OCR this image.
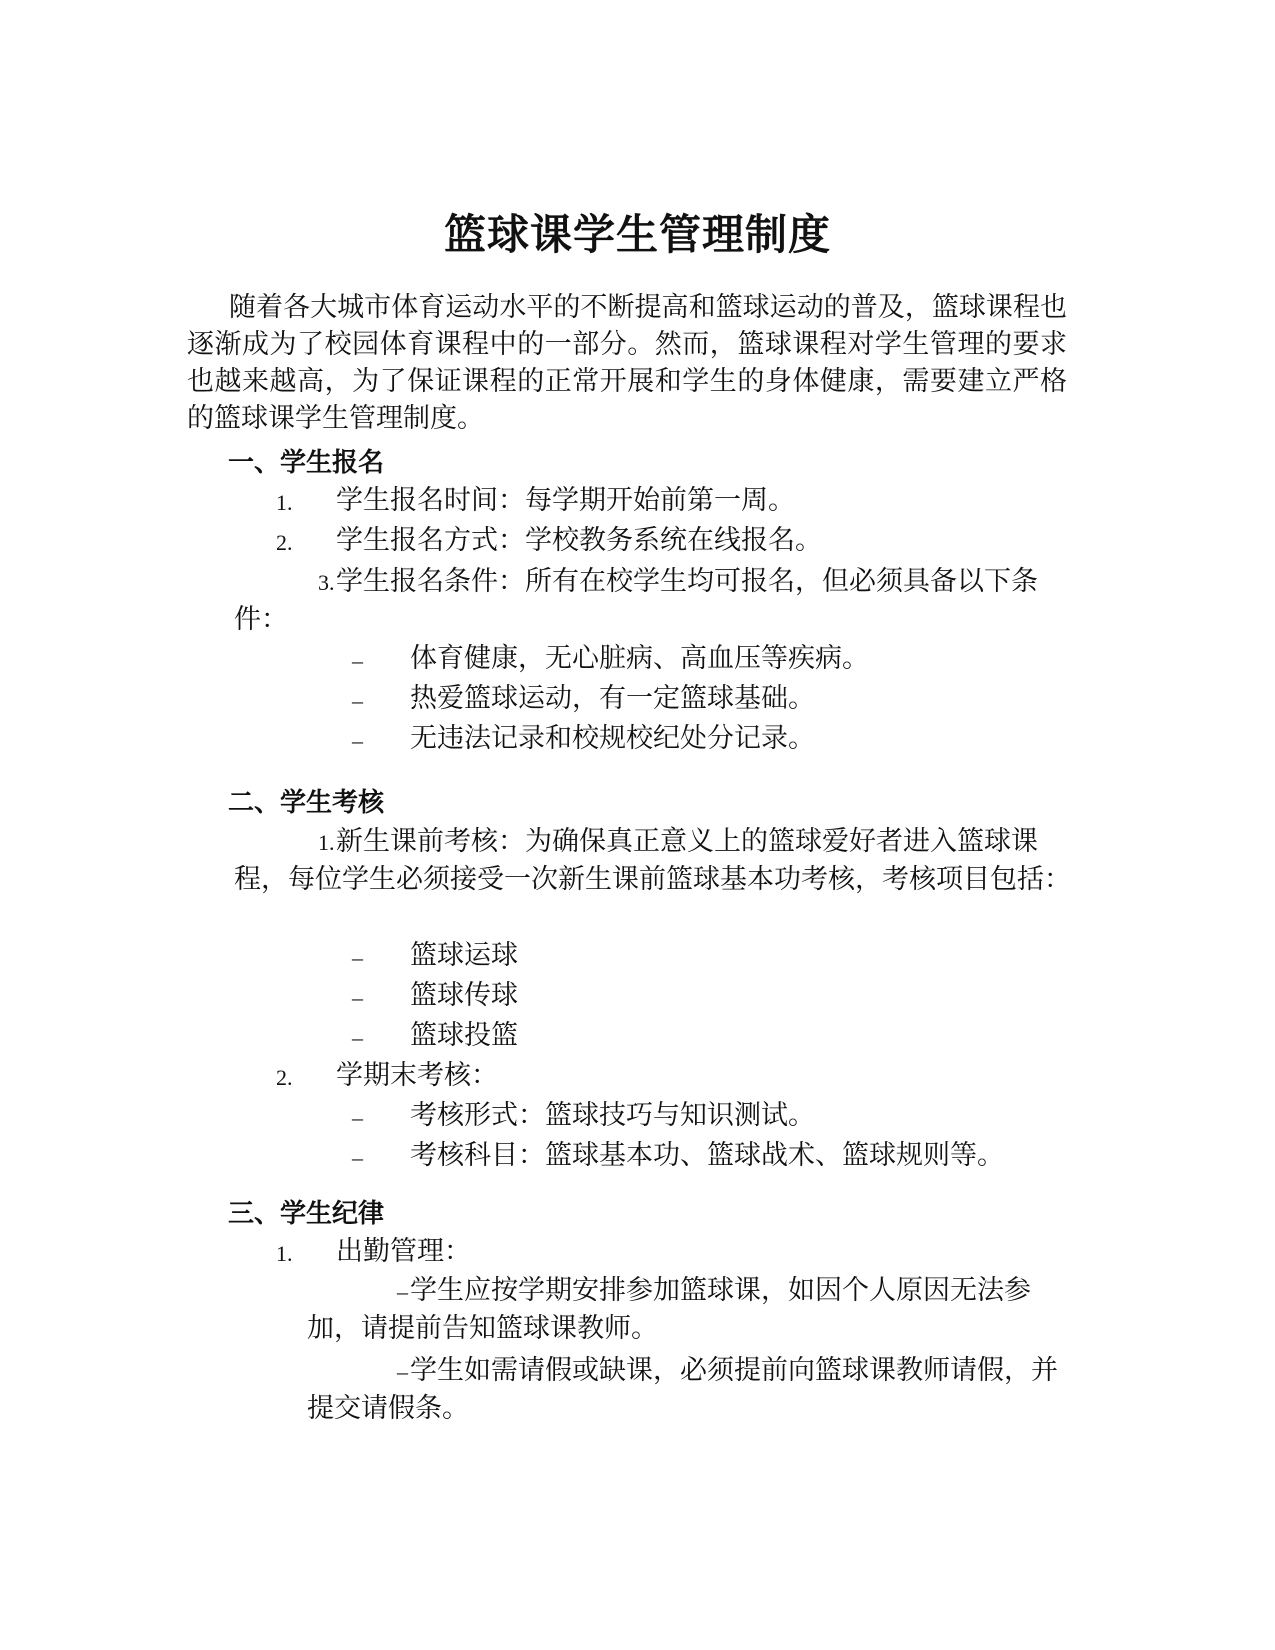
篮球课学生管理制度

随着各大城市体育运动水平的不断提高和篮球运动的普及，篮球课程也逐渐成为了校园体育课程中的一部分。然而，篮球课程对学生管理的要求也越来越高，为了保证课程的正常开展和学生的身体健康，需要建立严格的篮球课学生管理制度。

一、学生报名
1. 学生报名时间：每学期开始前第一周。
2. 学生报名方式：学校教务系统在线报名。

3.学生报名条件：所有在校学生均可报名，但必须具备以下条件：

– 体育健康，无心脏病、高血压等疾病。
– 热爱篮球运动，有一定篮球基础。
– 无违法记录和校规校纪处分记录。
二、学生考核

1.新生课前考核：为确保真正意义上的篮球爱好者进入篮球课程，每位学生必须接受一次新生课前篮球基本功考核，考核项目包括：

– 篮球运球
– 篮球传球
– 篮球投篮
2. 学期末考核：
– 考核形式：篮球技巧与知识测试。
– 考核科目：篮球基本功、篮球战术、篮球规则等。
三、学生纪律
1. 出勤管理：

–学生应按学期安排参加篮球课，如因个人原因无法参加，请提前告知篮球课教师。

–学生如需请假或缺课，必须提前向篮球课教师请假，并提交请假条。
